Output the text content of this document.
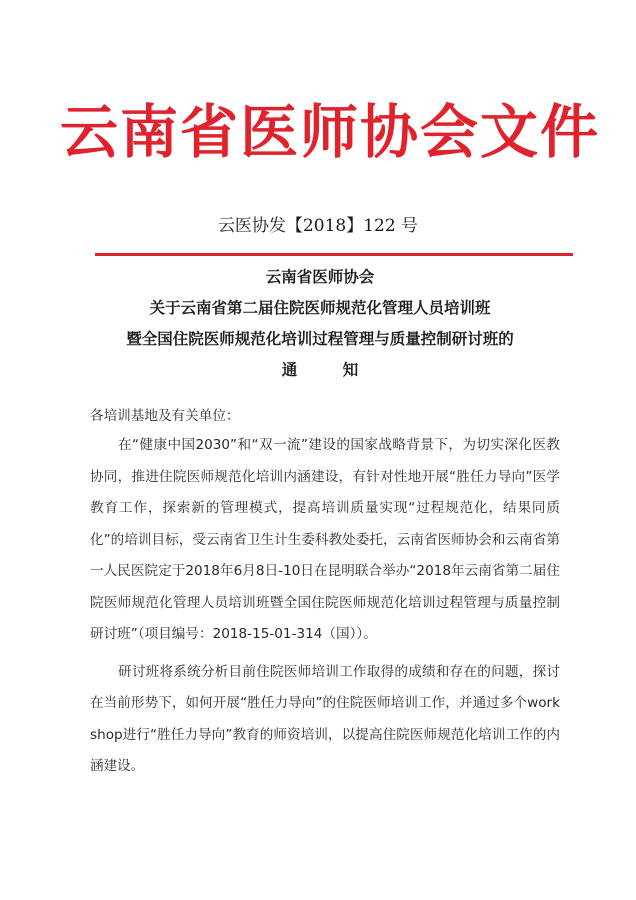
云南省医师协会文件
云医协发【2018】122 号
云南省医师协会
关于云南省第二届住院医师规范化管理人员培训班
暨全国住院医师规范化培训过程管理与质量控制研讨班的
通 知

各培训基地及有关单位：

在“健康中国2030”和“双一流”建设的国家战略背景下，为切实深化医教协同，推进住院医师规范化培训内涵建设，有针对性地开展“胜任力导向”医学教育工作，探索新的管理模式，提高培训质量实现“过程规范化，结果同质化”的培训目标，受云南省卫生计生委科教处委托，云南省医师协会和云南省第一人民医院定于2018年6月8日-10日在昆明联合举办“2018年云南省第二届住院医师规范化管理人员培训班暨全国住院医师规范化培训过程管理与质量控制研讨班”（项目编号：2018-15-01-314（国））。

研讨班将系统分析目前住院医师培训工作取得的成绩和存在的问题，探讨在当前形势下，如何开展“胜任力导向”的住院医师培训工作，并通过多个workshop进行“胜任力导向”教育的师资培训，以提高住院医师规范化培训工作的内涵建设。
